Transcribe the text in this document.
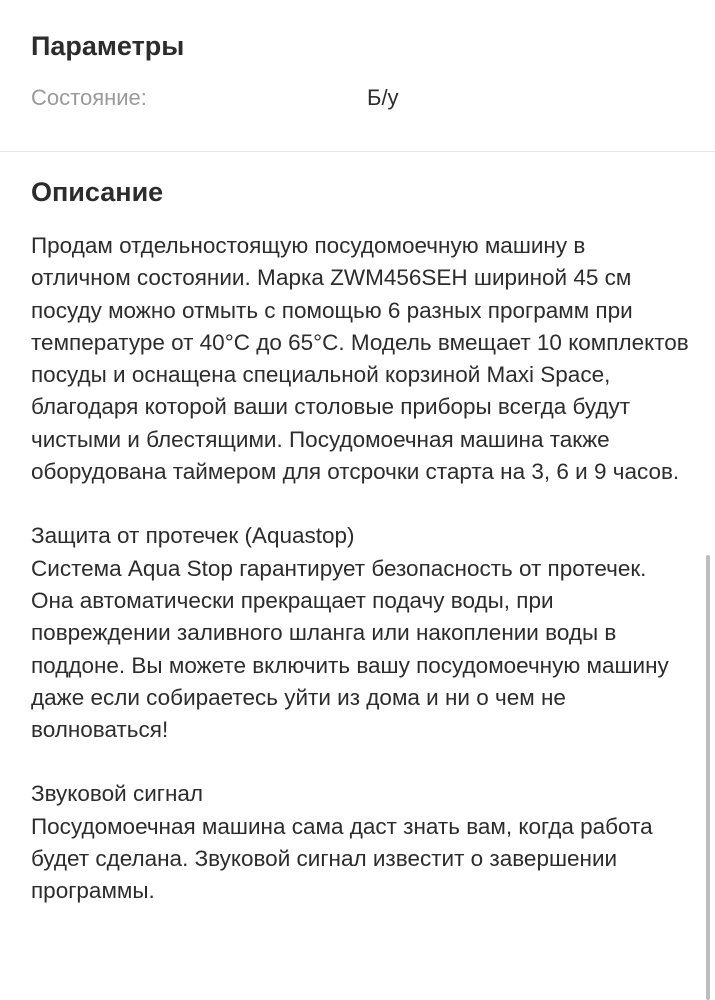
Параметры
Состояние:	Б/у
Описание

Продам отдельностоящую посудомоечную машину в отличном состоянии. Марка ZWM456SEH шириной 45 см посуду можно отмыть с помощью 6 разных программ при температуре от 40°C до 65°C. Модель вмещает 10 комплектов посуды и оснащена специальной корзиной Maxi Space, благодаря которой ваши столовые приборы всегда будут чистыми и блестящими. Посудомоечная машина также оборудована таймером для отсрочки старта на 3, 6 и 9 часов.

Защита от протечек (Aquastop)

Система Aqua Stop гарантирует безопасность от протечек. Она автоматически прекращает подачу воды, при повреждении заливного шланга или накоплении воды в поддоне. Вы можете включить вашу посудомоечную машину даже если собираетесь уйти из дома и ни о чем не волноваться!

Звуковой сигнал

Посудомоечная машина сама даст знать вам, когда работа будет сделана. Звуковой сигнал известит о завершении программы.
